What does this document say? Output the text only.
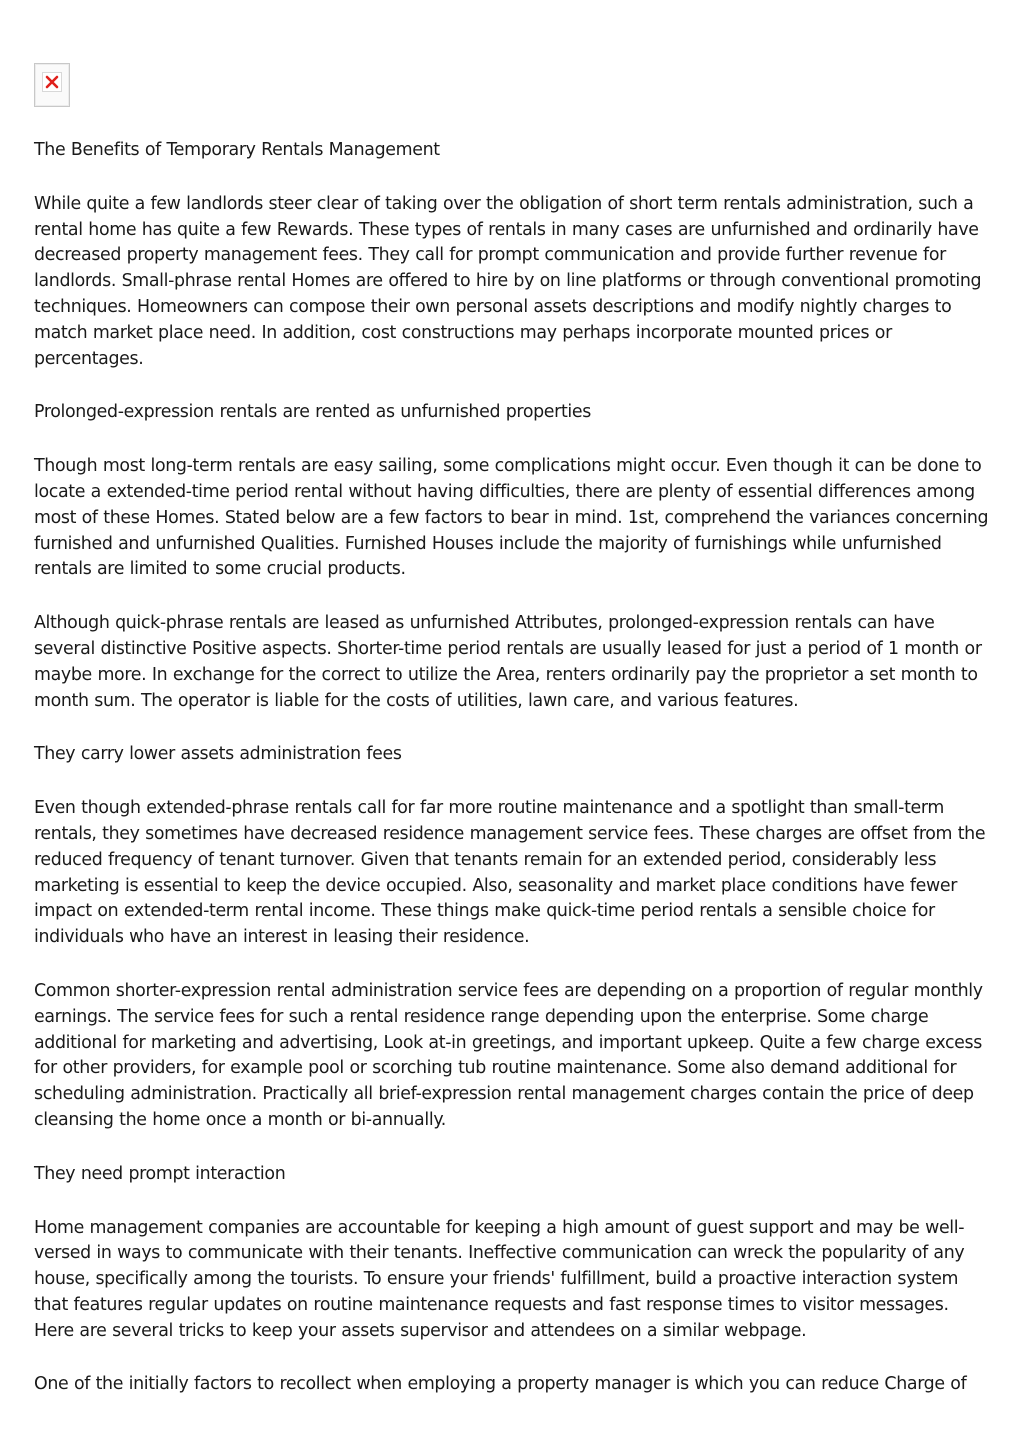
The Benefits of Temporary Rentals Management

While quite a few landlords steer clear of taking over the obligation of short term rentals administration, such a rental home has quite a few Rewards. These types of rentals in many cases are unfurnished and ordinarily have decreased property management fees. They call for prompt communication and provide further revenue for landlords. Small-phrase rental Homes are offered to hire by on line platforms or through conventional promoting techniques. Homeowners can compose their own personal assets descriptions and modify nightly charges to match market place need. In addition, cost constructions may perhaps incorporate mounted prices or percentages.

Prolonged-expression rentals are rented as unfurnished properties

Though most long-term rentals are easy sailing, some complications might occur. Even though it can be done to locate a extended-time period rental without having difficulties, there are plenty of essential differences among most of these Homes. Stated below are a few factors to bear in mind. 1st, comprehend the variances concerning furnished and unfurnished Qualities. Furnished Houses include the majority of furnishings while unfurnished rentals are limited to some crucial products.

Although quick-phrase rentals are leased as unfurnished Attributes, prolonged-expression rentals can have several distinctive Positive aspects. Shorter-time period rentals are usually leased for just a period of 1 month or maybe more. In exchange for the correct to utilize the Area, renters ordinarily pay the proprietor a set month to month sum. The operator is liable for the costs of utilities, lawn care, and various features.

They carry lower assets administration fees

Even though extended-phrase rentals call for far more routine maintenance and a spotlight than small-term rentals, they sometimes have decreased residence management service fees. These charges are offset from the reduced frequency of tenant turnover. Given that tenants remain for an extended period, considerably less marketing is essential to keep the device occupied. Also, seasonality and market place conditions have fewer impact on extended-term rental income. These things make quick-time period rentals a sensible choice for individuals who have an interest in leasing their residence.

Common shorter-expression rental administration service fees are depending on a proportion of regular monthly earnings. The service fees for such a rental residence range depending upon the enterprise. Some charge additional for marketing and advertising, Look at-in greetings, and important upkeep. Quite a few charge excess for other providers, for example pool or scorching tub routine maintenance. Some also demand additional for scheduling administration. Practically all brief-expression rental management charges contain the price of deep cleansing the home once a month or bi-annually.

They need prompt interaction

Home management companies are accountable for keeping a high amount of guest support and may be well-versed in ways to communicate with their tenants. Ineffective communication can wreck the popularity of any house, specifically among the tourists. To ensure your friends' fulfillment, build a proactive interaction system that features regular updates on routine maintenance requests and fast response times to visitor messages. Here are several tricks to keep your assets supervisor and attendees on a similar webpage.

One of the initially factors to recollect when employing a property manager is which you can reduce Charge of
